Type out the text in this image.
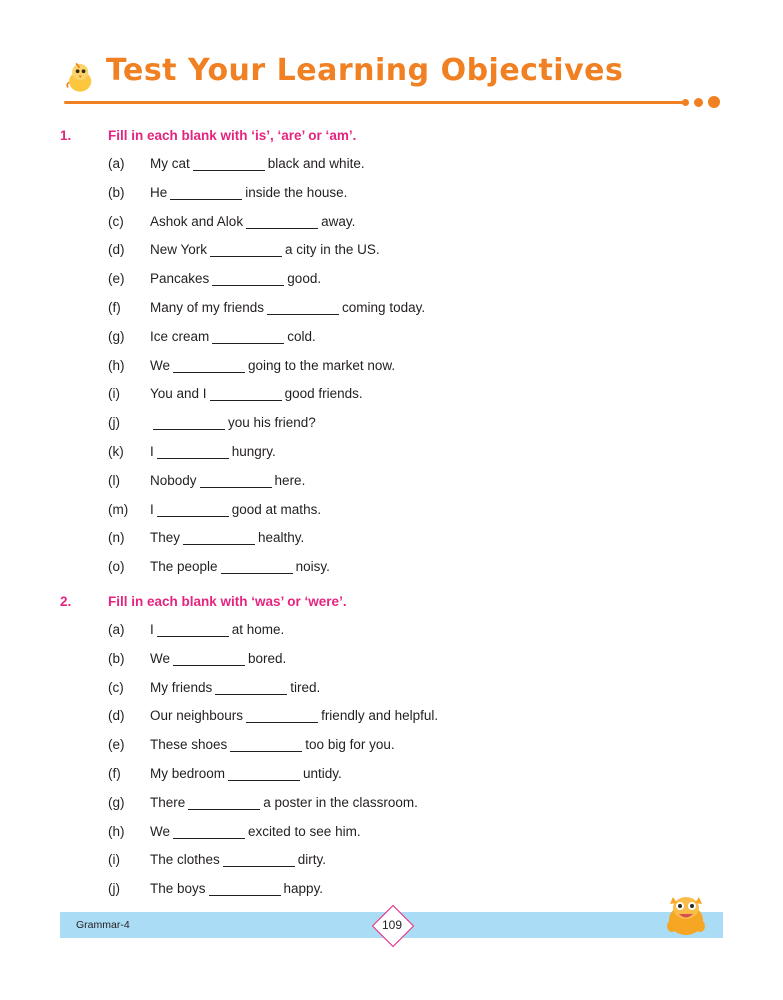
Test Your Learning Objectives
1.	Fill in each blank with ‘is’, ‘are’ or ‘am’.
(a)	My cat	black and white.
(b)	He	inside the house.
(c)	Ashok and Alok	away.
(d)	New York	a city in the US.
(e)	Pancakes	good.
(f)	Many of my friends	coming today.
(g)	Ice cream	cold.
(h)	We	going to the market now.
(i)	You and I	good friends.
(j)	you his friend?
(k)	I	hungry.
(l)	Nobody	here.
(m)	I	good at maths.
(n)	They	healthy.
(o)	The people	noisy.
2.	Fill in each blank with ‘was’ or ‘were’.
(a)	I	at home.
(b)	We	bored.
(c)	My friends	tired.
(d)	Our neighbours	friendly and helpful.
(e)	These shoes	too big for you.
(f)	My bedroom	untidy.
(g)	There	a poster in the classroom.
(h)	We	excited to see him.
(i)	The clothes	dirty.
(j)	The boys	happy.
Grammar-4	109
